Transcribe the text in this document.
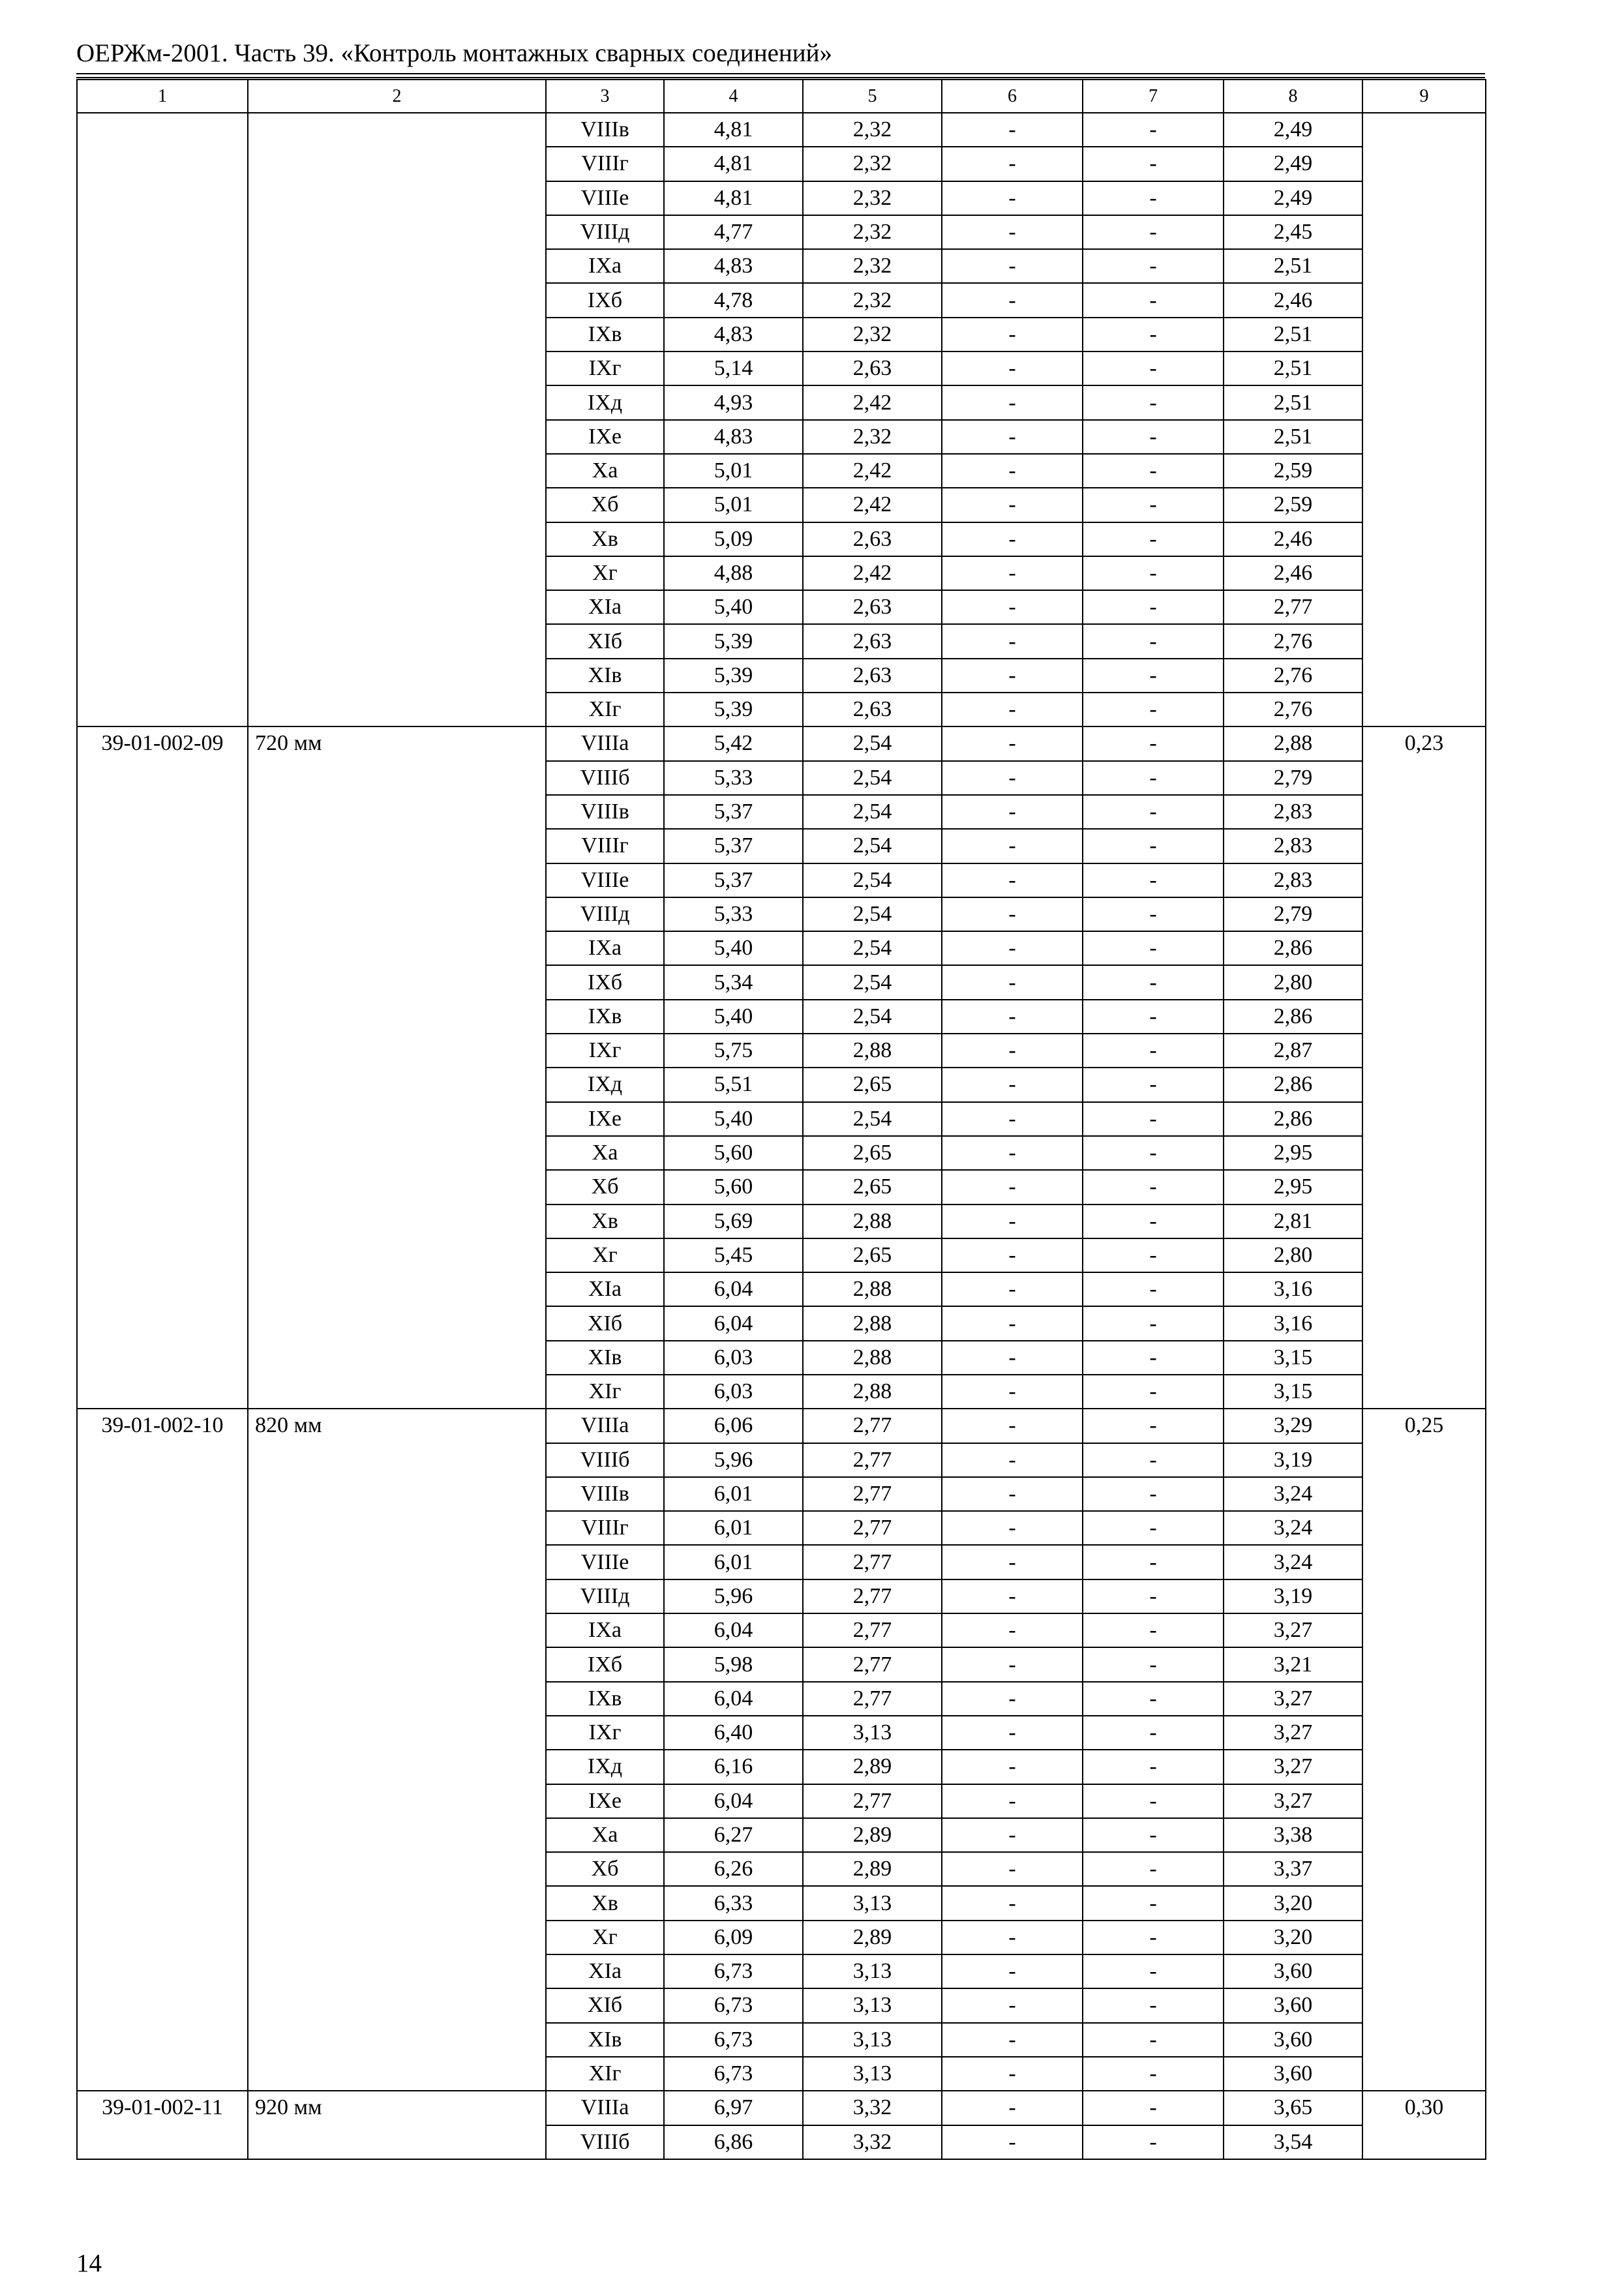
ОЕРЖм-2001. Часть 39. «Контроль монтажных сварных соединений»
1	2	3	4	5	6	7	8	9
		VIIIв	4,81	2,32	-	-	2,49	
		VIIIг	4,81	2,32	-	-	2,49	
		VIIIе	4,81	2,32	-	-	2,49	
		VIIIд	4,77	2,32	-	-	2,45	
		IXа	4,83	2,32	-	-	2,51	
		IXб	4,78	2,32	-	-	2,46	
		IXв	4,83	2,32	-	-	2,51	
		IXг	5,14	2,63	-	-	2,51	
		IXд	4,93	2,42	-	-	2,51	
		IXе	4,83	2,32	-	-	2,51	
		Xа	5,01	2,42	-	-	2,59	
		Xб	5,01	2,42	-	-	2,59	
		Xв	5,09	2,63	-	-	2,46	
		Xг	4,88	2,42	-	-	2,46	
		XIа	5,40	2,63	-	-	2,77	
		XIб	5,39	2,63	-	-	2,76	
		XIв	5,39	2,63	-	-	2,76	
		XIг	5,39	2,63	-	-	2,76	
39-01-002-09	720 мм	VIIIа	5,42	2,54	-	-	2,88	0,23
		VIIIб	5,33	2,54	-	-	2,79	
		VIIIв	5,37	2,54	-	-	2,83	
		VIIIг	5,37	2,54	-	-	2,83	
		VIIIе	5,37	2,54	-	-	2,83	
		VIIIд	5,33	2,54	-	-	2,79	
		IXа	5,40	2,54	-	-	2,86	
		IXб	5,34	2,54	-	-	2,80	
		IXв	5,40	2,54	-	-	2,86	
		IXг	5,75	2,88	-	-	2,87	
		IXд	5,51	2,65	-	-	2,86	
		IXе	5,40	2,54	-	-	2,86	
		Xа	5,60	2,65	-	-	2,95	
		Xб	5,60	2,65	-	-	2,95	
		Xв	5,69	2,88	-	-	2,81	
		Xг	5,45	2,65	-	-	2,80	
		XIа	6,04	2,88	-	-	3,16	
		XIб	6,04	2,88	-	-	3,16	
		XIв	6,03	2,88	-	-	3,15	
		XIг	6,03	2,88	-	-	3,15	
39-01-002-10	820 мм	VIIIа	6,06	2,77	-	-	3,29	0,25
		VIIIб	5,96	2,77	-	-	3,19	
		VIIIв	6,01	2,77	-	-	3,24	
		VIIIг	6,01	2,77	-	-	3,24	
		VIIIе	6,01	2,77	-	-	3,24	
		VIIIд	5,96	2,77	-	-	3,19	
		IXа	6,04	2,77	-	-	3,27	
		IXб	5,98	2,77	-	-	3,21	
		IXв	6,04	2,77	-	-	3,27	
		IXг	6,40	3,13	-	-	3,27	
		IXд	6,16	2,89	-	-	3,27	
		IXе	6,04	2,77	-	-	3,27	
		Xа	6,27	2,89	-	-	3,38	
		Xб	6,26	2,89	-	-	3,37	
		Xв	6,33	3,13	-	-	3,20	
		Xг	6,09	2,89	-	-	3,20	
		XIа	6,73	3,13	-	-	3,60	
		XIб	6,73	3,13	-	-	3,60	
		XIв	6,73	3,13	-	-	3,60	
		XIг	6,73	3,13	-	-	3,60	
39-01-002-11	920 мм	VIIIа	6,97	3,32	-	-	3,65	0,30
		VIIIб	6,86	3,32	-	-	3,54	
14
